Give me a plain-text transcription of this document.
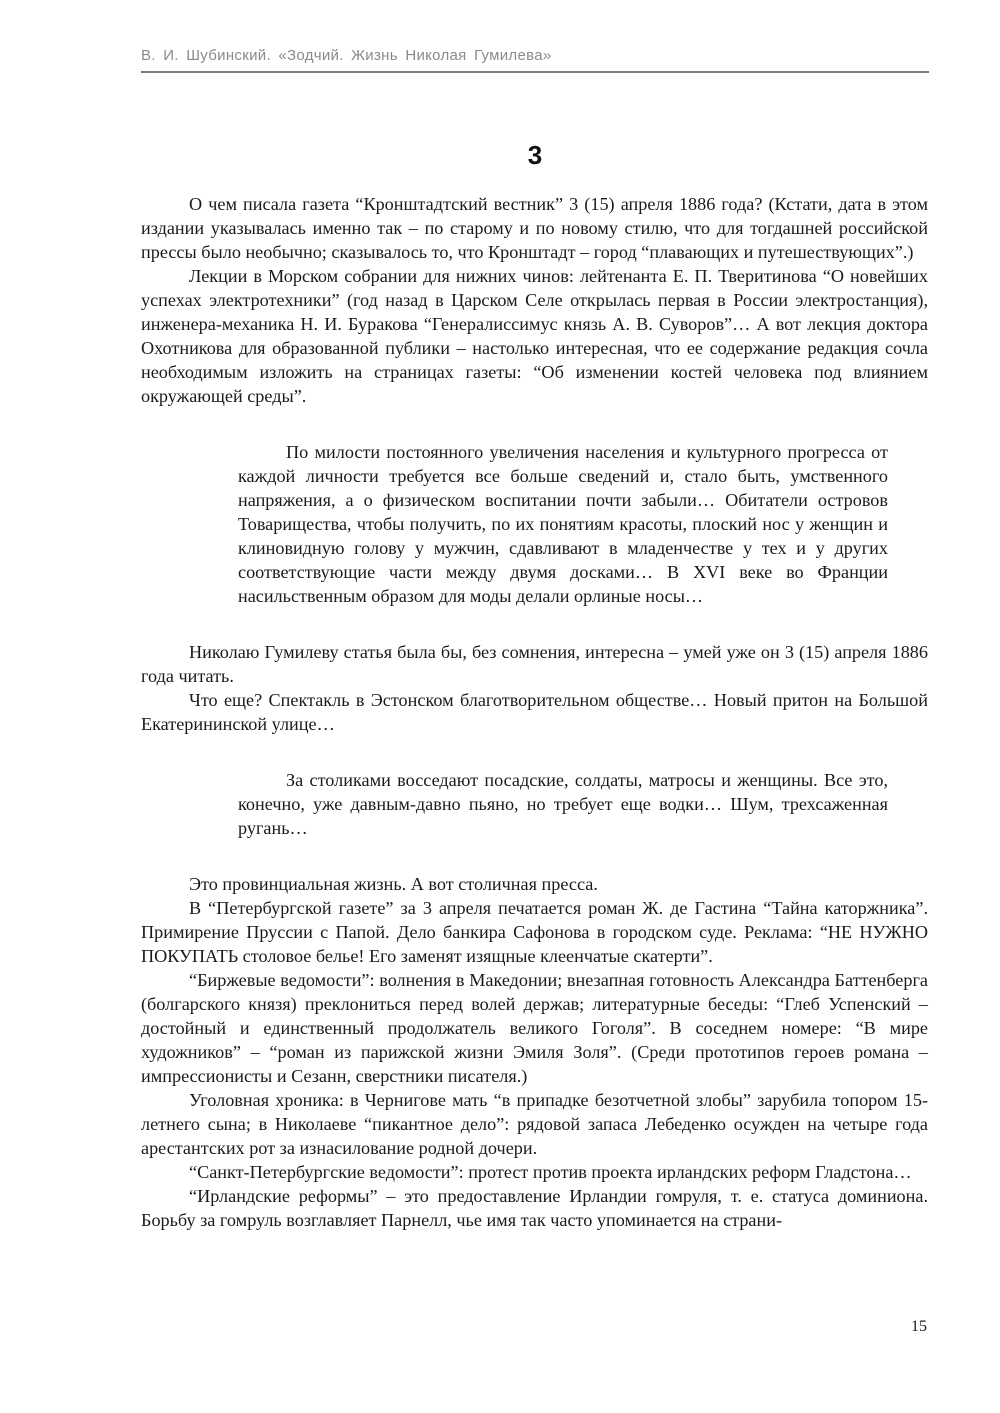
В. И. Шубинский. «Зодчий. Жизнь Николая Гумилева»
3

О чем писала газета “Кронштадтский вестник” 3 (15) апреля 1886 года? (Кстати, дата в этом издании указывалась именно так – по старому и по новому стилю, что для тогдашней российской прессы было необычно; сказывалось то, что Кронштадт – город “плавающих и путешествующих”.)

Лекции в Морском собрании для нижних чинов: лейтенанта Е. П. Тверитинова “О новейших успехах электротехники” (год назад в Царском Селе открылась первая в России электростанция), инженера-механика Н. И. Буракова “Генералиссимус князь А. В. Суворов”… А вот лекция доктора Охотникова для образованной публики – настолько интересная, что ее содержание редакция сочла необходимым изложить на страницах газеты: “Об изменении костей человека под влиянием окружающей среды”.

По милости постоянного увеличения населения и культурного прогресса от каждой личности требуется все больше сведений и, стало быть, умственного напряжения, а о физическом воспитании почти забыли… Обитатели островов Товарищества, чтобы получить, по их понятиям красоты, плоский нос у женщин и клиновидную голову у мужчин, сдавливают в младенчестве у тех и у других соответствующие части между двумя досками… В XVI веке во Франции насильственным образом для моды делали орлиные носы…

Николаю Гумилеву статья была бы, без сомнения, интересна – умей уже он 3 (15) апреля 1886 года читать.

Что еще? Спектакль в Эстонском благотворительном обществе… Новый притон на Большой Екатерининской улице…

За столиками восседают посадские, солдаты, матросы и женщины. Все это, конечно, уже давным-давно пьяно, но требует еще водки… Шум, трехсаженная ругань…

Это провинциальная жизнь. А вот столичная пресса.

В “Петербургской газете” за 3 апреля печатается роман Ж. де Гастина “Тайна каторжника”. Примирение Пруссии с Папой. Дело банкира Сафонова в городском суде. Реклама: “НЕ НУЖНО ПОКУПАТЬ столовое белье! Его заменят изящные клеенчатые скатерти”.

“Биржевые ведомости”: волнения в Македонии; внезапная готовность Александра Баттенберга (болгарского князя) преклониться перед волей держав; литературные беседы: “Глеб Успенский – достойный и единственный продолжатель великого Гоголя”. В соседнем номере: “В мире художников” – “роман из парижской жизни Эмиля Золя”. (Среди прототипов героев романа – импрессионисты и Сезанн, сверстники писателя.)

Уголовная хроника: в Чернигове мать “в припадке безотчетной злобы” зарубила топором 15-летнего сына; в Николаеве “пикантное дело”: рядовой запаса Лебеденко осужден на четыре года арестантских рот за изнасилование родной дочери.

“Санкт-Петербургские ведомости”: протест против проекта ирландских реформ Гладстона…

“Ирландские реформы” – это предоставление Ирландии гомруля, т. е. статуса доминиона. Борьбу за гомруль возглавляет Парнелл, чье имя так часто упоминается на страни-

15
